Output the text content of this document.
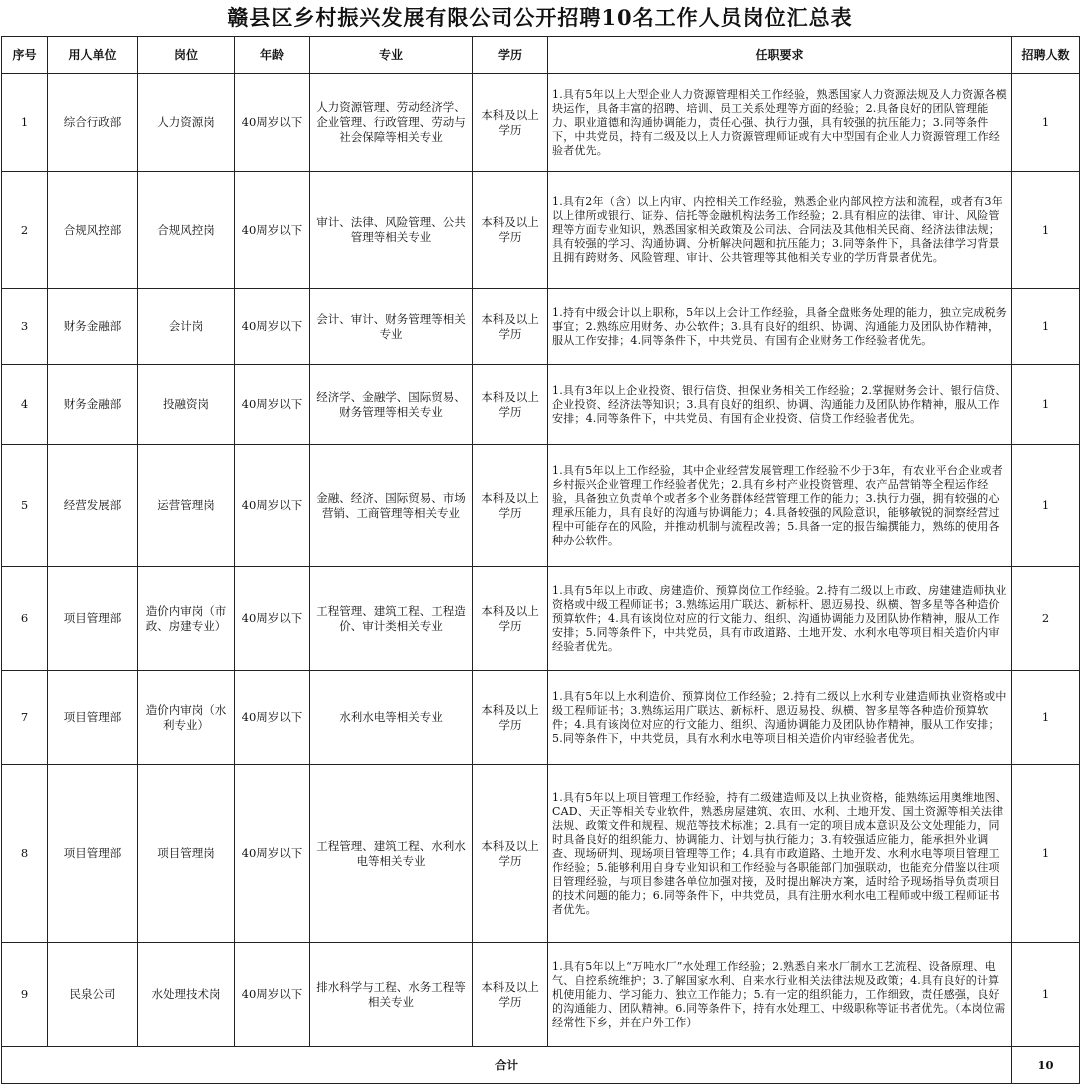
赣县区乡村振兴发展有限公司公开招聘10名工作人员岗位汇总表
序号	用人单位	岗位	年龄	专业	学历	任职要求	招聘人数
1	综合行政部	人力资源岗	40周岁以下	人力资源管理、劳动经济学、企业管理、行政管理、劳动与社会保障等相关专业	本科及以上学历	1.具有5年以上大型企业人力资源管理相关工作经验，熟悉国家人力资源法规及人力资源各模块运作，具备丰富的招聘、培训、员工关系处理等方面的经验；2.具备良好的团队管理能力、职业道德和沟通协调能力，责任心强、执行力强，具有较强的抗压能力；3.同等条件下，中共党员，持有二级及以上人力资源管理师证或有大中型国有企业人力资源管理工作经验者优先。	1
2	合规风控部	合规风控岗	40周岁以下	审计、法律、风险管理、公共管理等相关专业	本科及以上学历	1.具有2年（含）以上内审、内控相关工作经验，熟悉企业内部风控方法和流程，或者有3年以上律所或银行、证券、信托等金融机构法务工作经验；2.具有相应的法律、审计、风险管理等方面专业知识，熟悉国家相关政策及公司法、合同法及其他相关民商、经济法律法规；具有较强的学习、沟通协调、分析解决问题和抗压能力；3.同等条件下，具备法律学习背景且拥有跨财务、风险管理、审计、公共管理等其他相关专业的学历背景者优先。	1
3	财务金融部	会计岗	40周岁以下	会计、审计、财务管理等相关专业	本科及以上学历	1.持有中级会计以上职称，5年以上会计工作经验，具备全盘账务处理的能力，独立完成税务事宜；2.熟练应用财务、办公软件；3.具有良好的组织、协调、沟通能力及团队协作精神，服从工作安排；4.同等条件下，中共党员、有国有企业财务工作经验者优先。	1
4	财务金融部	投融资岗	40周岁以下	经济学、金融学、国际贸易、财务管理等相关专业	本科及以上学历	1.具有3年以上企业投资、银行信贷、担保业务相关工作经验；2.掌握财务会计、银行信贷、企业投资、经济法等知识；3.具有良好的组织、协调、沟通能力及团队协作精神，服从工作安排；4.同等条件下，中共党员、有国有企业投资、信贷工作经验者优先。	1
5	经营发展部	运营管理岗	40周岁以下	金融、经济、国际贸易、市场营销、工商管理等相关专业	本科及以上学历	1.具有5年以上工作经验，其中企业经营发展管理工作经验不少于3年，有农业平台企业或者乡村振兴企业管理工作经验者优先；2.具有乡村产业投资管理、农产品营销等全程运作经验，具备独立负责单个或者多个业务群体经营管理工作的能力；3.执行力强，拥有较强的心理承压能力，具有良好的沟通与协调能力；4.具备较强的风险意识，能够敏锐的洞察经营过程中可能存在的风险，并推动机制与流程改善；5.具备一定的报告编撰能力，熟练的使用各种办公软件。	1
6	项目管理部	造价内审岗（市政、房建专业）	40周岁以下	工程管理、建筑工程、工程造价、审计类相关专业	本科及以上学历	1.具有5年以上市政、房建造价、预算岗位工作经验。2.持有二级以上市政、房建建造师执业资格或中级工程师证书；3.熟练运用广联达、新标杆、恩迈易投、纵横、智多星等各种造价预算软件；4.具有该岗位对应的行文能力、组织、沟通协调能力及团队协作精神，服从工作安排；5.同等条件下，中共党员，具有市政道路、土地开发、水利水电等项目相关造价内审经验者优先。	2
7	项目管理部	造价内审岗（水利专业）	40周岁以下	水利水电等相关专业	本科及以上学历	1.具有5年以上水利造价、预算岗位工作经验；2.持有二级以上水利专业建造师执业资格或中级工程师证书；3.熟练运用广联达、新标杆、恩迈易投、纵横、智多星等各种造价预算软件；4.具有该岗位对应的行文能力、组织、沟通协调能力及团队协作精神，服从工作安排；5.同等条件下，中共党员，具有水利水电等项目相关造价内审经验者优先。	1
8	项目管理部	项目管理岗	40周岁以下	工程管理、建筑工程、水利水电等相关专业	本科及以上学历	1.具有5年以上项目管理工作经验，持有二级建造师及以上执业资格，能熟练运用奥维地图、CAD、天正等相关专业软件，熟悉房屋建筑、农田、水利、土地开发、国土资源等相关法律法规、政策文件和规程、规范等技术标准；2.具有一定的项目成本意识及公文处理能力，同时具备良好的组织能力、协调能力、计划与执行能力；3.有较强适应能力，能承担外业调查、现场研判、现场项目管理等工作；4.具有市政道路、土地开发、水利水电等项目管理工作经验；5.能够利用自身专业知识和工作经验与各职能部门加强联动，也能充分借鉴以往项目管理经验，与项目参建各单位加强对接，及时提出解决方案，适时给予现场指导负责项目的技术问题的能力；6.同等条件下，中共党员，具有注册水利水电工程师或中级工程师证书者优先。	1
9	民泉公司	水处理技术岗	40周岁以下	排水科学与工程、水务工程等相关专业	本科及以上学历	1.具有5年以上“万吨水厂”水处理工作经验；2.熟悉自来水厂制水工艺流程、设备原理、电气、自控系统维护；3.了解国家水利、自来水行业相关法律法规及政策；4.具有良好的计算机使用能力、学习能力、独立工作能力；5.有一定的组织能力，工作细致，责任感强，良好的沟通能力、团队精神。6.同等条件下，持有水处理工、中级职称等证书者优先。（本岗位需经常性下乡，并在户外工作）	1
合计							10
